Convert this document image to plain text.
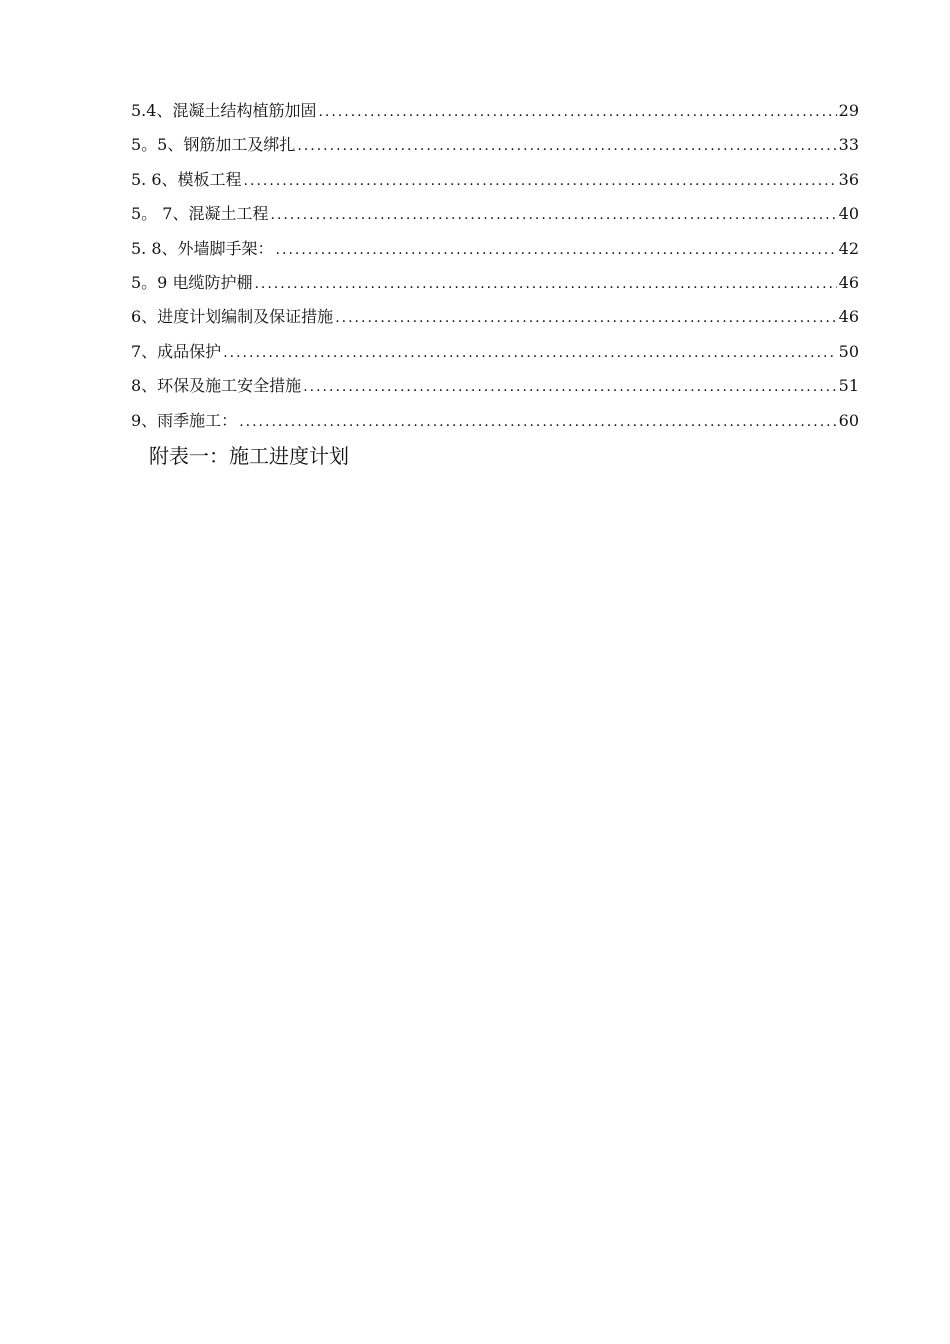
5.4、混凝土结构植筋加固 .....	29
5。5、钢筋加工及绑扎 .....	33
5. 6、模板工程 .....	36
5。 7、混凝土工程 .....	40
5. 8、外墙脚手架： .....	42
5。9 电缆防护棚 .....	46
6、进度计划编制及保证措施 .....	46
7、成品保护 .....	50
8、环保及施工安全措施 .....	51
9、雨季施工： .....	60
附表一：施工进度计划
